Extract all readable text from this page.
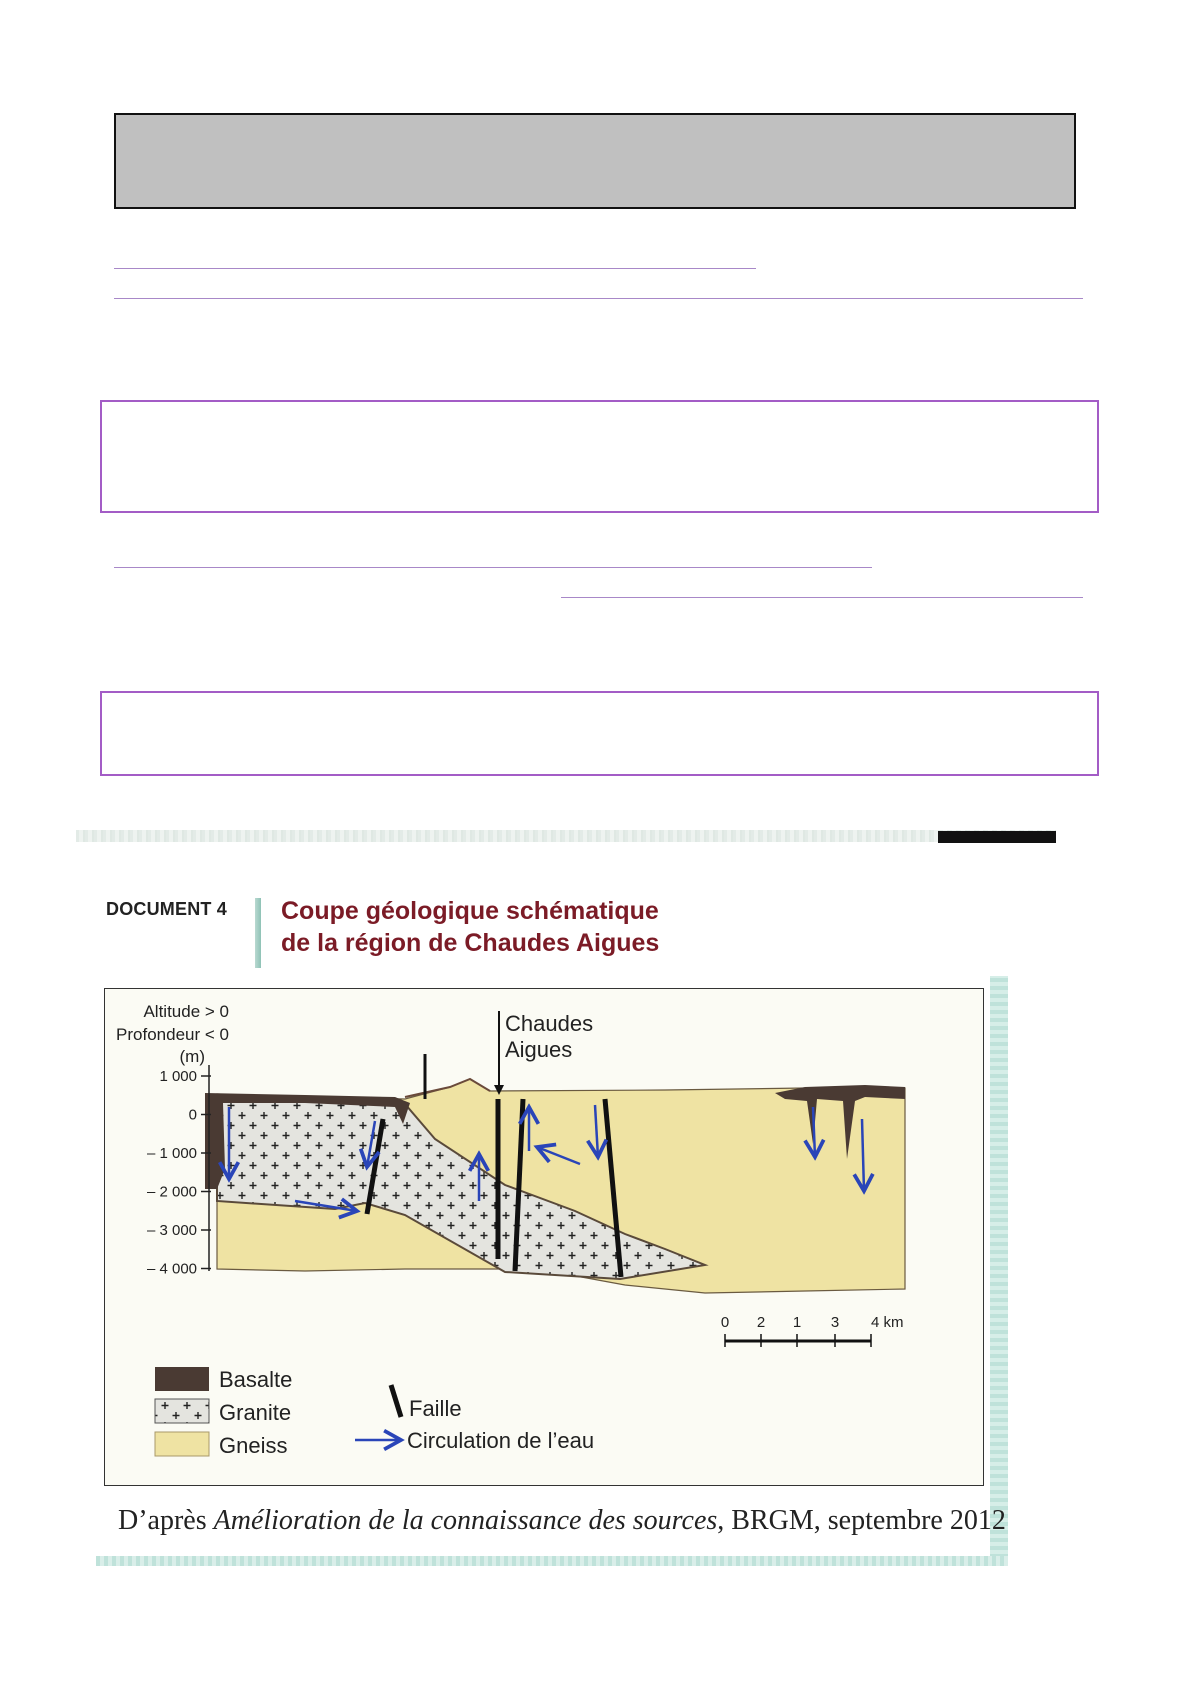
DOCUMENT 4 Coupe géologique schématique
de la région de Chaudes Aigues
Altitude > 0
Profondeur < 0
(m)
1 000
0
– 1 000
– 2 000
– 3 000
– 4 000
Chaudes
Aigues
0 2 1 3 4 km
Basalte
Granite
Gneiss
Faille
Circulation de l’eau
D’après Amélioration de la connaissance des sources, BRGM, septembre 2012
